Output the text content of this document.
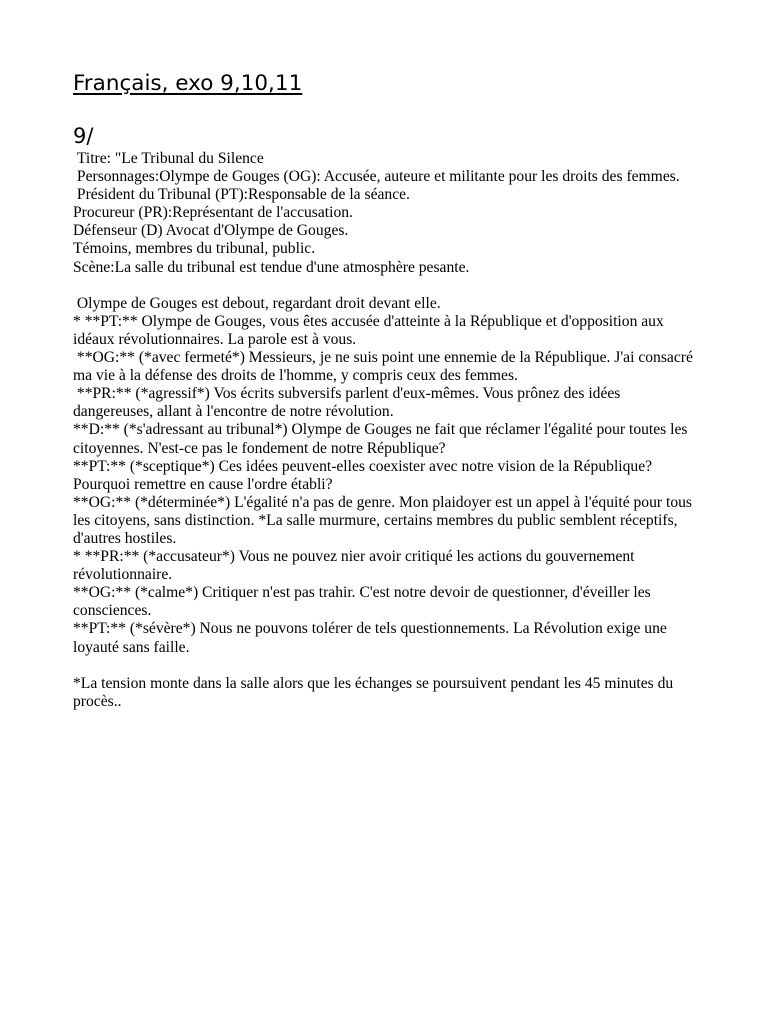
Français, exo 9,10,11
9/
Titre: "Le Tribunal du Silence
Personnages:Olympe de Gouges (OG): Accusée, auteure et militante pour les droits des femmes.
Président du Tribunal (PT):Responsable de la séance.
Procureur (PR):Représentant de l'accusation.
Défenseur (D) Avocat d'Olympe de Gouges.
Témoins, membres du tribunal, public.
Scène:La salle du tribunal est tendue d'une atmosphère pesante.
Olympe de Gouges est debout, regardant droit devant elle.
* **PT:** Olympe de Gouges, vous êtes accusée d'atteinte à la République et d'opposition aux idéaux révolutionnaires. La parole est à vous.
**OG:** (*avec fermeté*) Messieurs, je ne suis point une ennemie de la République. J'ai consacré ma vie à la défense des droits de l'homme, y compris ceux des femmes.
**PR:** (*agressif*) Vos écrits subversifs parlent d'eux-mêmes. Vous prônez des idées dangereuses, allant à l'encontre de notre révolution.
**D:** (*s'adressant au tribunal*) Olympe de Gouges ne fait que réclamer l'égalité pour toutes les citoyennes. N'est-ce pas le fondement de notre République?
**PT:** (*sceptique*) Ces idées peuvent-elles coexister avec notre vision de la République? Pourquoi remettre en cause l'ordre établi?
**OG:** (*déterminée*) L'égalité n'a pas de genre. Mon plaidoyer est un appel à l'équité pour tous les citoyens, sans distinction. *La salle murmure, certains membres du public semblent réceptifs, d'autres hostiles.
* **PR:** (*accusateur*) Vous ne pouvez nier avoir critiqué les actions du gouvernement révolutionnaire.
**OG:** (*calme*) Critiquer n'est pas trahir. C'est notre devoir de questionner, d'éveiller les consciences.
**PT:** (*sévère*) Nous ne pouvons tolérer de tels questionnements. La Révolution exige une loyauté sans faille.
*La tension monte dans la salle alors que les échanges se poursuivent pendant les 45 minutes du procès..
